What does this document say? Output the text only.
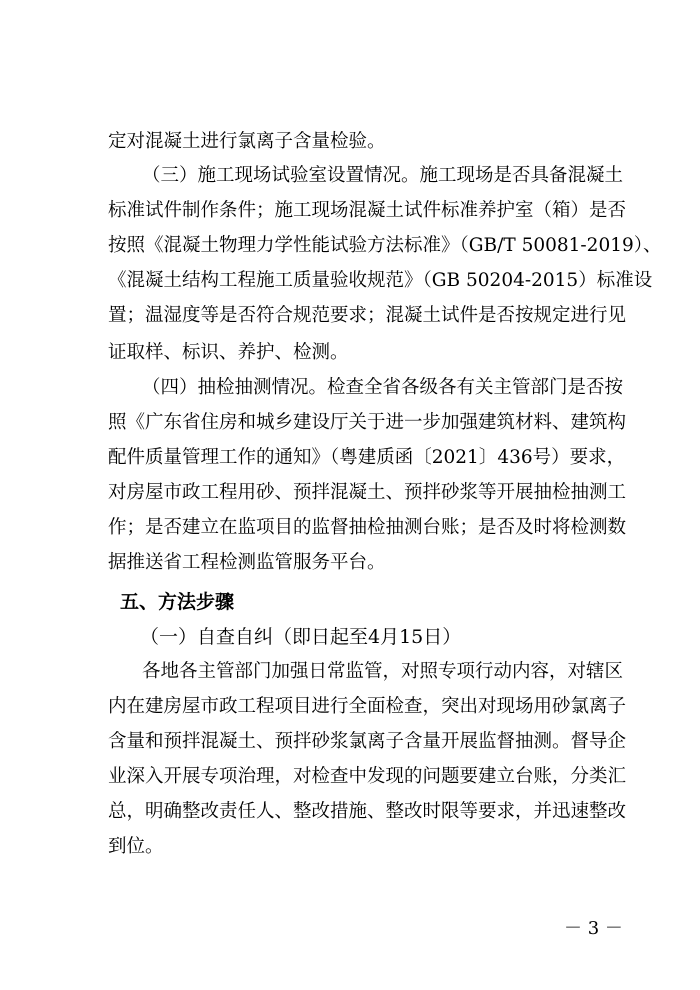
定对混凝土进行氯离子含量检验。
（三）施工现场试验室设置情况。施工现场是否具备混凝土
标准试件制作条件；施工现场混凝土试件标准养护室（箱）是否
按照《混凝土物理力学性能试验方法标准》（GB/T 50081-2019）、
《混凝土结构工程施工质量验收规范》（GB 50204-2015）标准设
置；温湿度等是否符合规范要求；混凝土试件是否按规定进行见
证取样、标识、养护、检测。
（四）抽检抽测情况。检查全省各级各有关主管部门是否按
照《广东省住房和城乡建设厅关于进一步加强建筑材料、建筑构
配件质量管理工作的通知》（粤建质函〔2021〕436号）要求，
对房屋市政工程用砂、预拌混凝土、预拌砂浆等开展抽检抽测工
作；是否建立在监项目的监督抽检抽测台账；是否及时将检测数
据推送省工程检测监管服务平台。
五、方法步骤
（一）自查自纠（即日起至4月15日）
各地各主管部门加强日常监管，对照专项行动内容，对辖区
内在建房屋市政工程项目进行全面检查，突出对现场用砂氯离子
含量和预拌混凝土、预拌砂浆氯离子含量开展监督抽测。督导企
业深入开展专项治理，对检查中发现的问题要建立台账，分类汇
总，明确整改责任人、整改措施、整改时限等要求，并迅速整改
到位。
－ 3 －
